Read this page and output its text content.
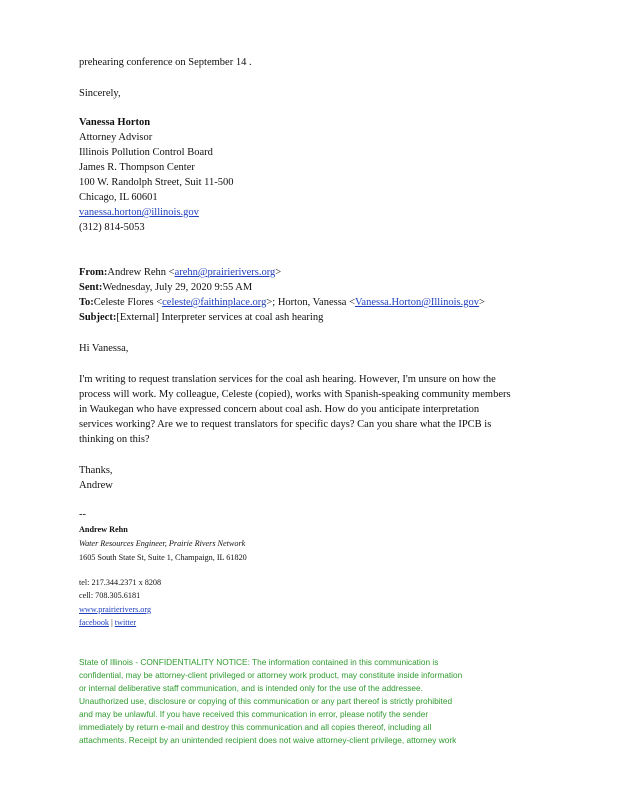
prehearing conference on September 14 .
Sincerely,
Vanessa Horton
Attorney Advisor
Illinois Pollution Control Board
James R. Thompson Center
100 W. Randolph Street, Suit 11-500
Chicago, IL 60601
vanessa.horton@illinois.gov
(312) 814-5053
From:Andrew Rehn <arehn@prairierivers.org>
Sent:Wednesday, July 29, 2020 9:55 AM
To:Celeste Flores <celeste@faithinplace.org>; Horton, Vanessa <Vanessa.Horton@Illinois.gov>
Subject:[External] Interpreter services at coal ash hearing
Hi Vanessa,
I'm writing to request translation services for the coal ash hearing. However, I'm unsure on how the
process will work. My colleague, Celeste (copied), works with Spanish-speaking community members
in Waukegan who have expressed concern about coal ash. How do you anticipate interpretation
services working? Are we to request translators for specific days? Can you share what the IPCB is
thinking on this?
Thanks,
Andrew
--
Andrew Rehn
Water Resources Engineer, Prairie Rivers Network
1605 South State St, Suite 1, Champaign, IL 61820
tel: 217.344.2371 x 8208
cell: 708.305.6181
www.prairierivers.org
facebook | twitter
State of Illinois - CONFIDENTIALITY NOTICE: The information contained in this communication is
confidential, may be attorney-client privileged or attorney work product, may constitute inside information
or internal deliberative staff communication, and is intended only for the use of the addressee.
Unauthorized use, disclosure or copying of this communication or any part thereof is strictly prohibited
and may be unlawful. If you have received this communication in error, please notify the sender
immediately by return e-mail and destroy this communication and all copies thereof, including all
attachments. Receipt by an unintended recipient does not waive attorney-client privilege, attorney work
